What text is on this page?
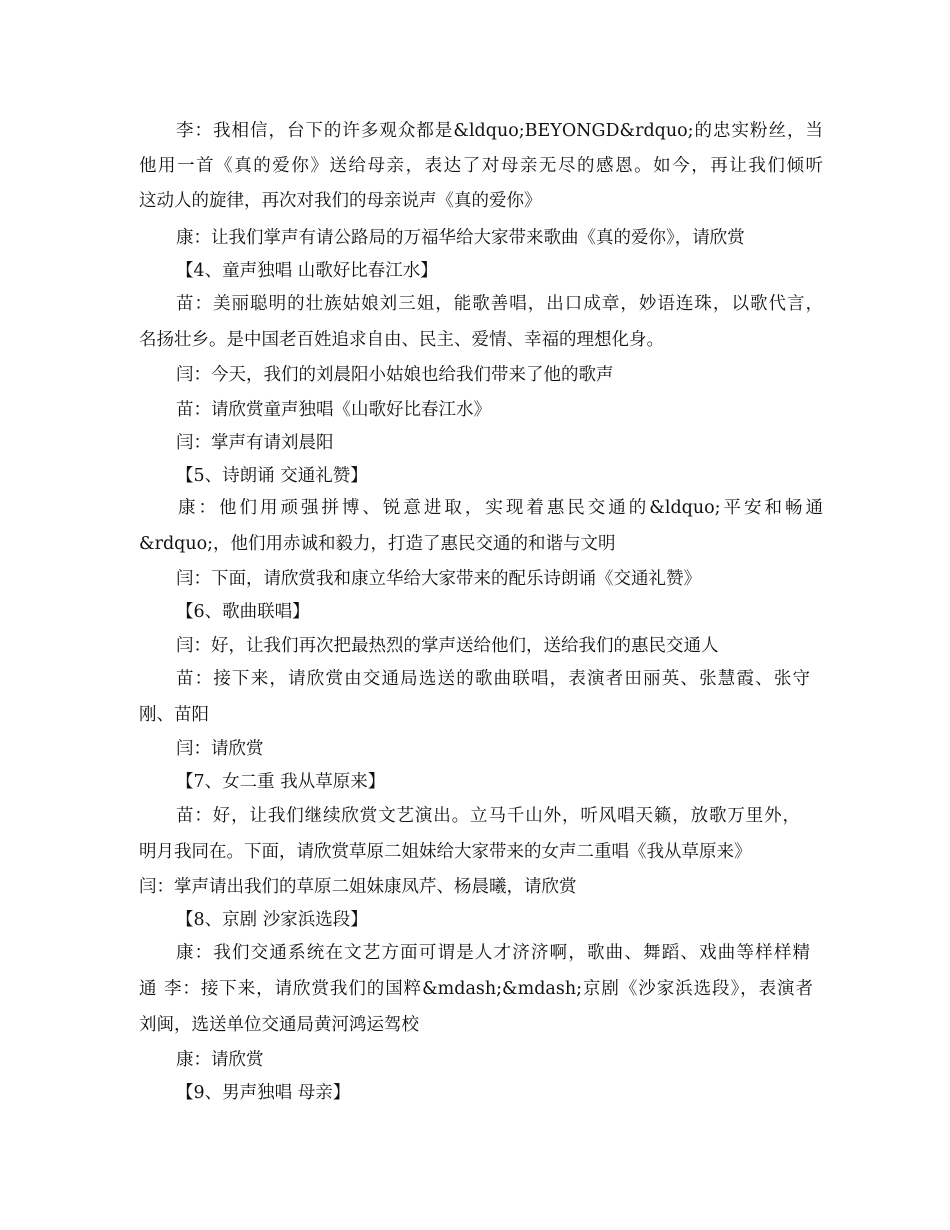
李：我相信，台下的许多观众都是&ldquo;BEYONGD&rdquo;的忠实粉丝，当
他用一首《真的爱你》送给母亲，表达了对母亲无尽的感恩。如今，再让我们倾听
这动人的旋律，再次对我们的母亲说声《真的爱你》
康：让我们掌声有请公路局的万福华给大家带来歌曲《真的爱你》，请欣赏
【4、童声独唱 山歌好比春江水】
苗：美丽聪明的壮族姑娘刘三姐，能歌善唱，出口成章，妙语连珠，以歌代言，
名扬壮乡。是中国老百姓追求自由、民主、爱情、幸福的理想化身。
闫：今天，我们的刘晨阳小姑娘也给我们带来了他的歌声
苗：请欣赏童声独唱《山歌好比春江水》
闫：掌声有请刘晨阳
【5、诗朗诵 交通礼赞】
康：他们用顽强拼博、锐意进取，实现着惠民交通的&ldquo;平安和畅通
&rdquo;，他们用赤诚和毅力，打造了惠民交通的和谐与文明
闫：下面，请欣赏我和康立华给大家带来的配乐诗朗诵《交通礼赞》
【6、歌曲联唱】
闫：好，让我们再次把最热烈的掌声送给他们，送给我们的惠民交通人
苗：接下来，请欣赏由交通局选送的歌曲联唱，表演者田丽英、张慧霞、张守
刚、苗阳
闫：请欣赏
【7、女二重 我从草原来】
苗：好，让我们继续欣赏文艺演出。立马千山外，听风唱天籁，放歌万里外，
明月我同在。下面，请欣赏草原二姐妹给大家带来的女声二重唱《我从草原来》
闫：掌声请出我们的草原二姐妹康凤芹、杨晨曦，请欣赏
【8、京剧 沙家浜选段】
康：我们交通系统在文艺方面可谓是人才济济啊，歌曲、舞蹈、戏曲等样样精
通 李：接下来，请欣赏我们的国粹&mdash;&mdash;京剧《沙家浜选段》，表演者
刘闽，选送单位交通局黄河鸿运驾校
康：请欣赏
【9、男声独唱 母亲】
